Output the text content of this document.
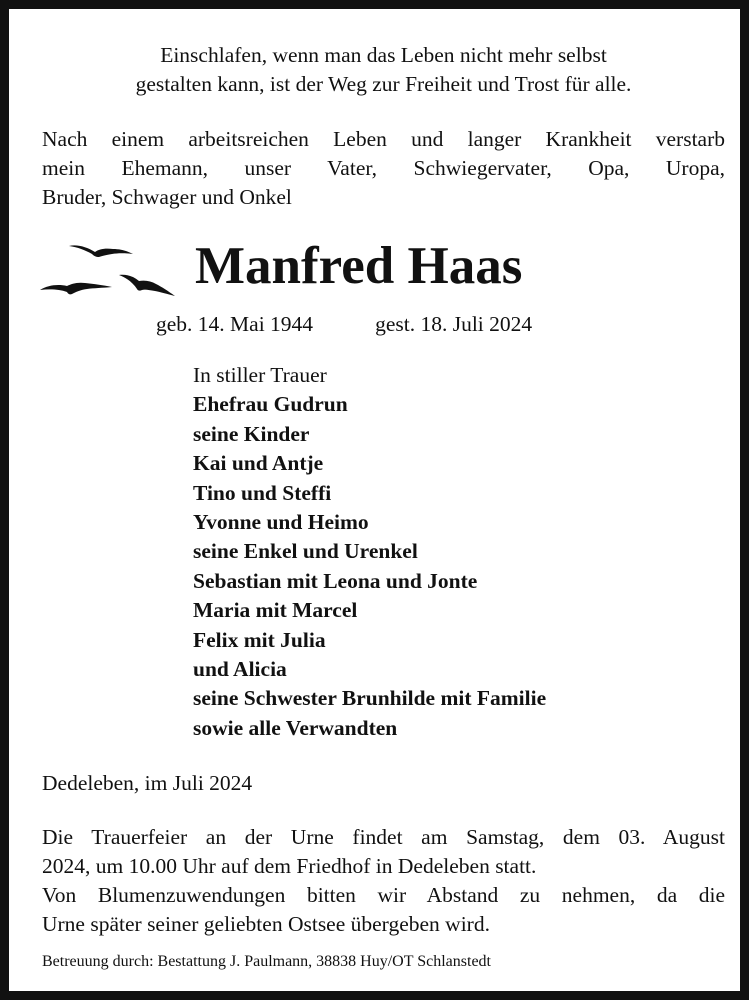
Einschlafen, wenn man das Leben nicht mehr selbst
gestalten kann, ist der Weg zur Freiheit und Trost für alle.
Nach einem arbeitsreichen Leben und langer Krankheit verstarb
mein Ehemann, unser Vater, Schwiegervater, Opa, Uropa,
Bruder, Schwager und Onkel
Manfred Haas
geb. 14. Mai 1944	gest. 18. Juli 2024
In stiller Trauer
Ehefrau Gudrun
seine Kinder
Kai und Antje
Tino und Steffi
Yvonne und Heimo
seine Enkel und Urenkel
Sebastian mit Leona und Jonte
Maria mit Marcel
Felix mit Julia
und Alicia
seine Schwester Brunhilde mit Familie
sowie alle Verwandten
Dedeleben, im Juli 2024
Die Trauerfeier an der Urne findet am Samstag, dem 03. August
2024, um 10.00 Uhr auf dem Friedhof in Dedeleben statt.
Von Blumenzuwendungen bitten wir Abstand zu nehmen, da die
Urne später seiner geliebten Ostsee übergeben wird.
Betreuung durch: Bestattung J. Paulmann, 38838 Huy/OT Schlanstedt
